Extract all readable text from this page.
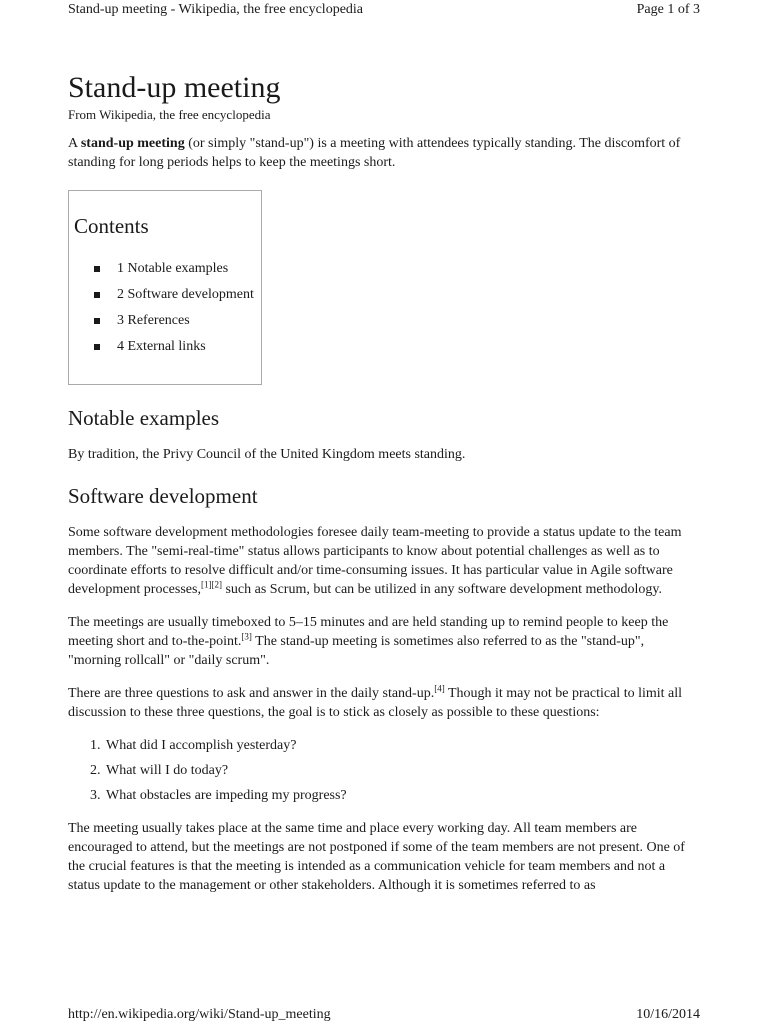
Stand-up meeting - Wikipedia, the free encyclopedia	Page 1 of 3
Stand-up meeting

From Wikipedia, the free encyclopedia

A stand-up meeting (or simply "stand-up") is a meeting with attendees typically standing. The discomfort of standing for long periods helps to keep the meetings short.

Contents
1 Notable examples
2 Software development
3 References
4 External links
Notable examples

By tradition, the Privy Council of the United Kingdom meets standing.

Software development

Some software development methodologies foresee daily team-meeting to provide a status update to the team members. The "semi-real-time" status allows participants to know about potential challenges as well as to coordinate efforts to resolve difficult and/or time-consuming issues. It has particular value in Agile software development processes,[1][2] such as Scrum, but can be utilized in any software development methodology.

The meetings are usually timeboxed to 5–15 minutes and are held standing up to remind people to keep the meeting short and to-the-point.[3] The stand-up meeting is sometimes also referred to as the "stand-up", "morning rollcall" or "daily scrum".

There are three questions to ask and answer in the daily stand-up.[4] Though it may not be practical to limit all discussion to these three questions, the goal is to stick as closely as possible to these questions:

1. What did I accomplish yesterday?
2. What will I do today?
3. What obstacles are impeding my progress?

The meeting usually takes place at the same time and place every working day. All team members are encouraged to attend, but the meetings are not postponed if some of the team members are not present. One of the crucial features is that the meeting is intended as a communication vehicle for team members and not a status update to the management or other stakeholders. Although it is sometimes referred to as

http://en.wikipedia.org/wiki/Stand-up_meeting	10/16/2014
